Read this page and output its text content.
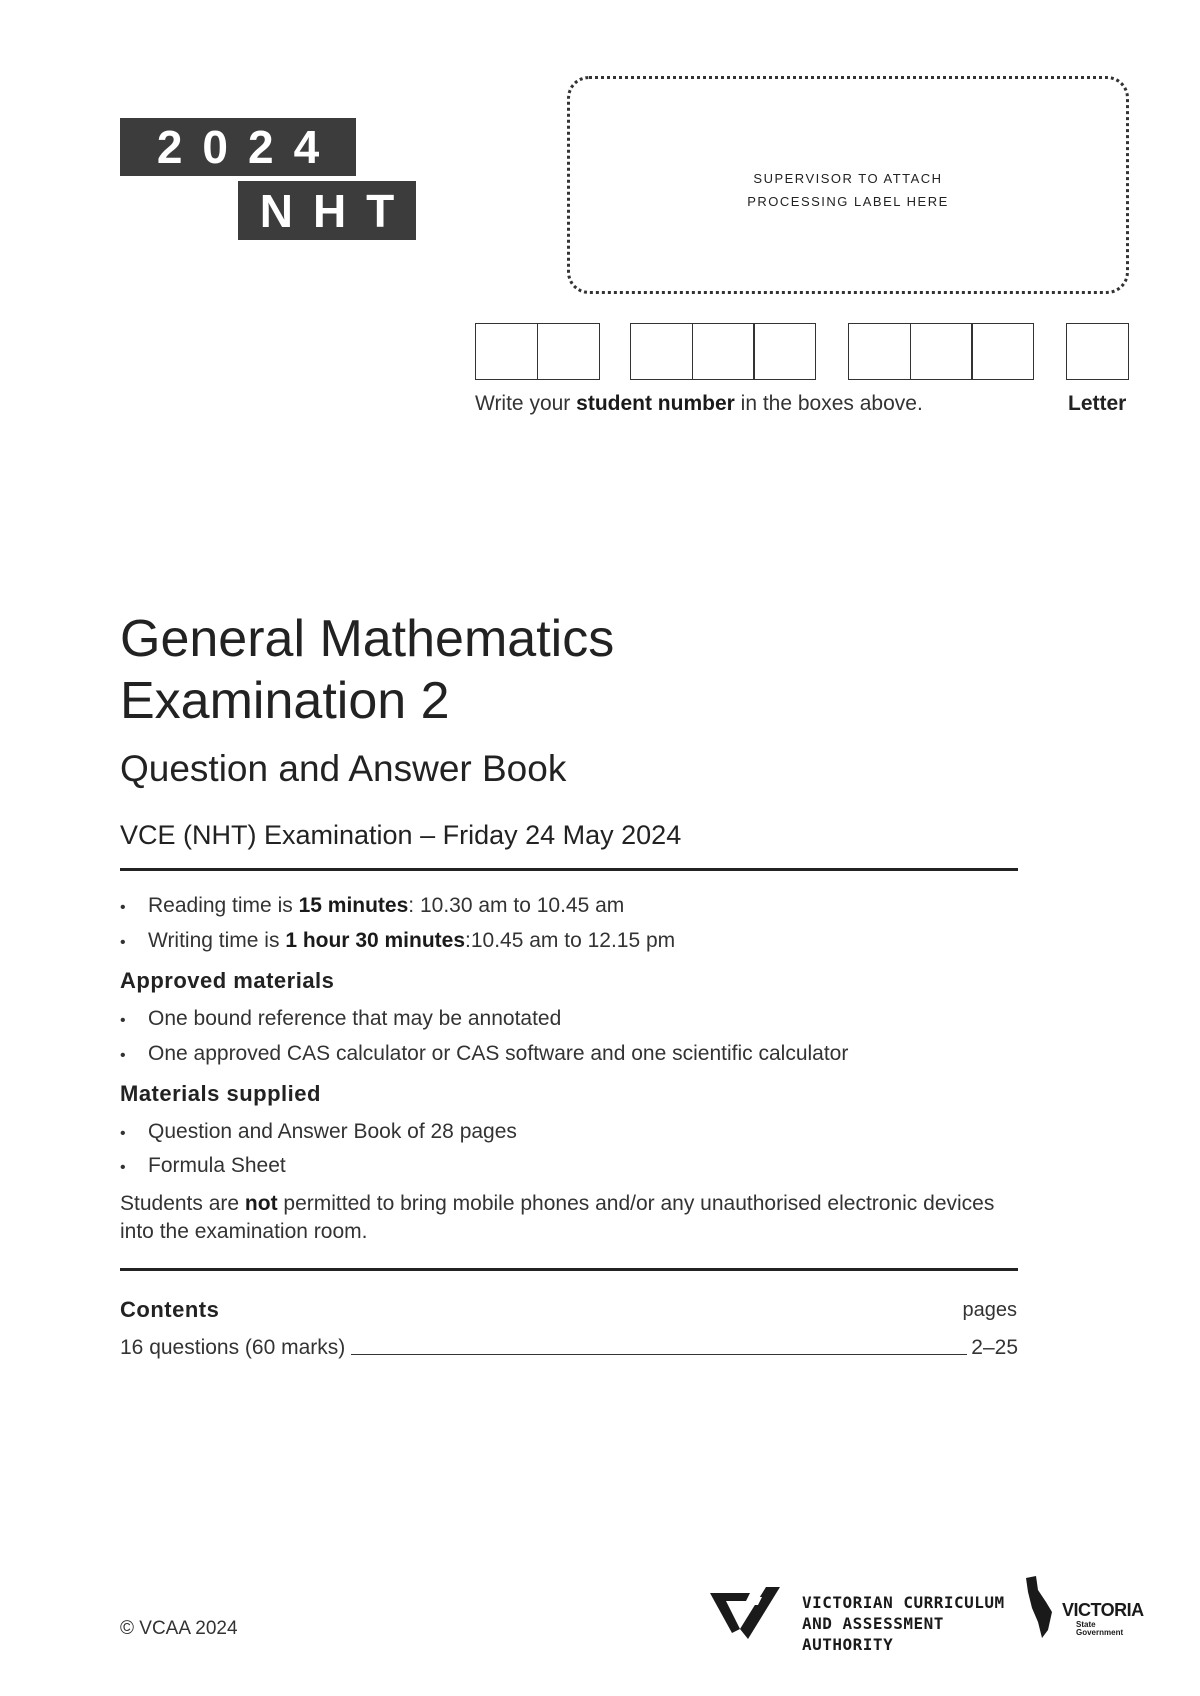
2024
NHT
SUPERVISOR TO ATTACH
PROCESSING LABEL HERE
Write your student number in the boxes above.	Letter
General Mathematics
Examination 2
Question and Answer Book
VCE (NHT) Examination – Friday 24 May 2024
•	Reading time is 15 minutes: 10.30 am to 10.45 am
•	Writing time is 1 hour 30 minutes:10.45 am to 12.15 pm
Approved materials
•	One bound reference that may be annotated
•	One approved CAS calculator or CAS software and one scientific calculator
Materials supplied
•	Question and Answer Book of 28 pages
•	Formula Sheet
Students are not permitted to bring mobile phones and/or any unauthorised electronic devices into the examination room.
Contents	pages
16 questions (60 marks)	2–25
© VCAA 2024
VICTORIAN CURRICULUM
AND ASSESSMENT AUTHORITY
VICTORIA
State
Government
